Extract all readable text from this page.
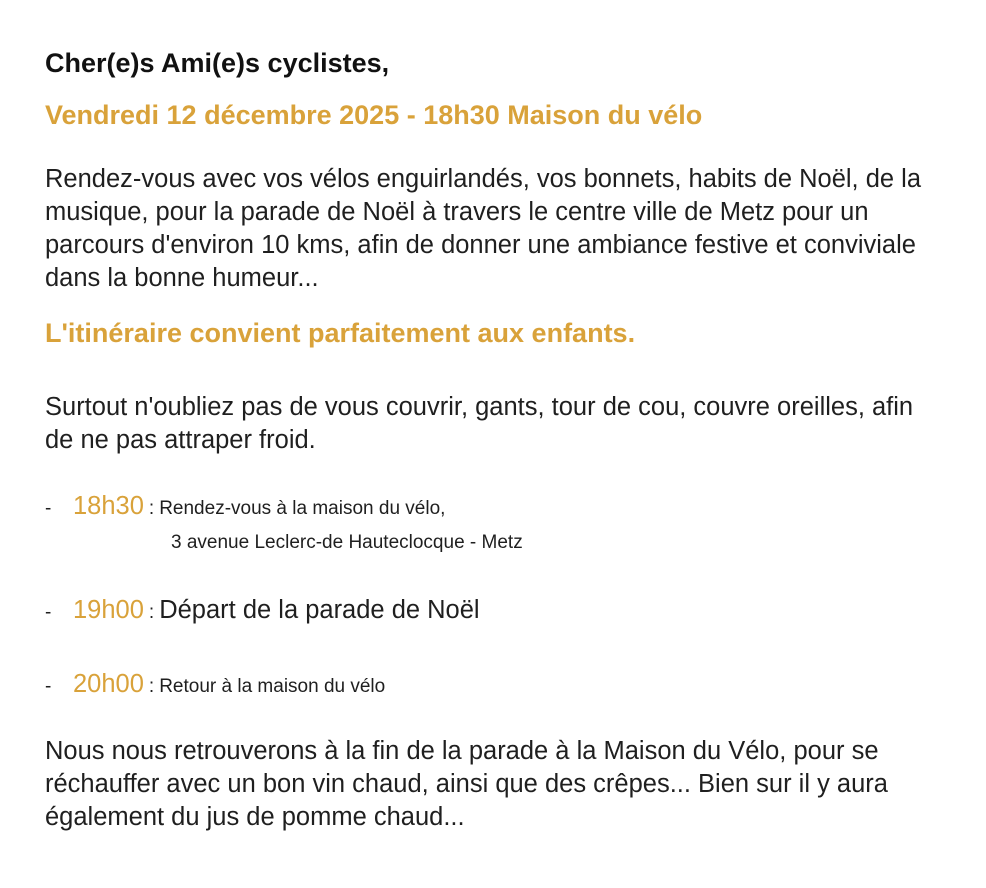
Cher(e)s Ami(e)s cyclistes,
Vendredi 12 décembre 2025 - 18h30 Maison du vélo
Rendez-vous avec vos vélos enguirlandés, vos bonnets, habits de Noël, de la musique, pour la parade de Noël à travers le centre ville de Metz pour un parcours d'environ 10 kms, afin de donner une ambiance festive et conviviale dans la bonne humeur...
L'itinéraire convient parfaitement aux enfants.
Surtout n'oubliez pas de vous couvrir, gants, tour de cou, couvre oreilles, afin de ne pas attraper froid.
- 18h30 : Rendez-vous à la maison du vélo,
3 avenue Leclerc-de Hauteclocque - Metz
- 19h00 : Départ de la parade de Noël
- 20h00 : Retour à la maison du vélo
Nous nous retrouverons à la fin de la parade à la Maison du Vélo, pour se réchauffer avec un bon vin chaud, ainsi que des crêpes... Bien sur il y aura également du jus de pomme chaud...
